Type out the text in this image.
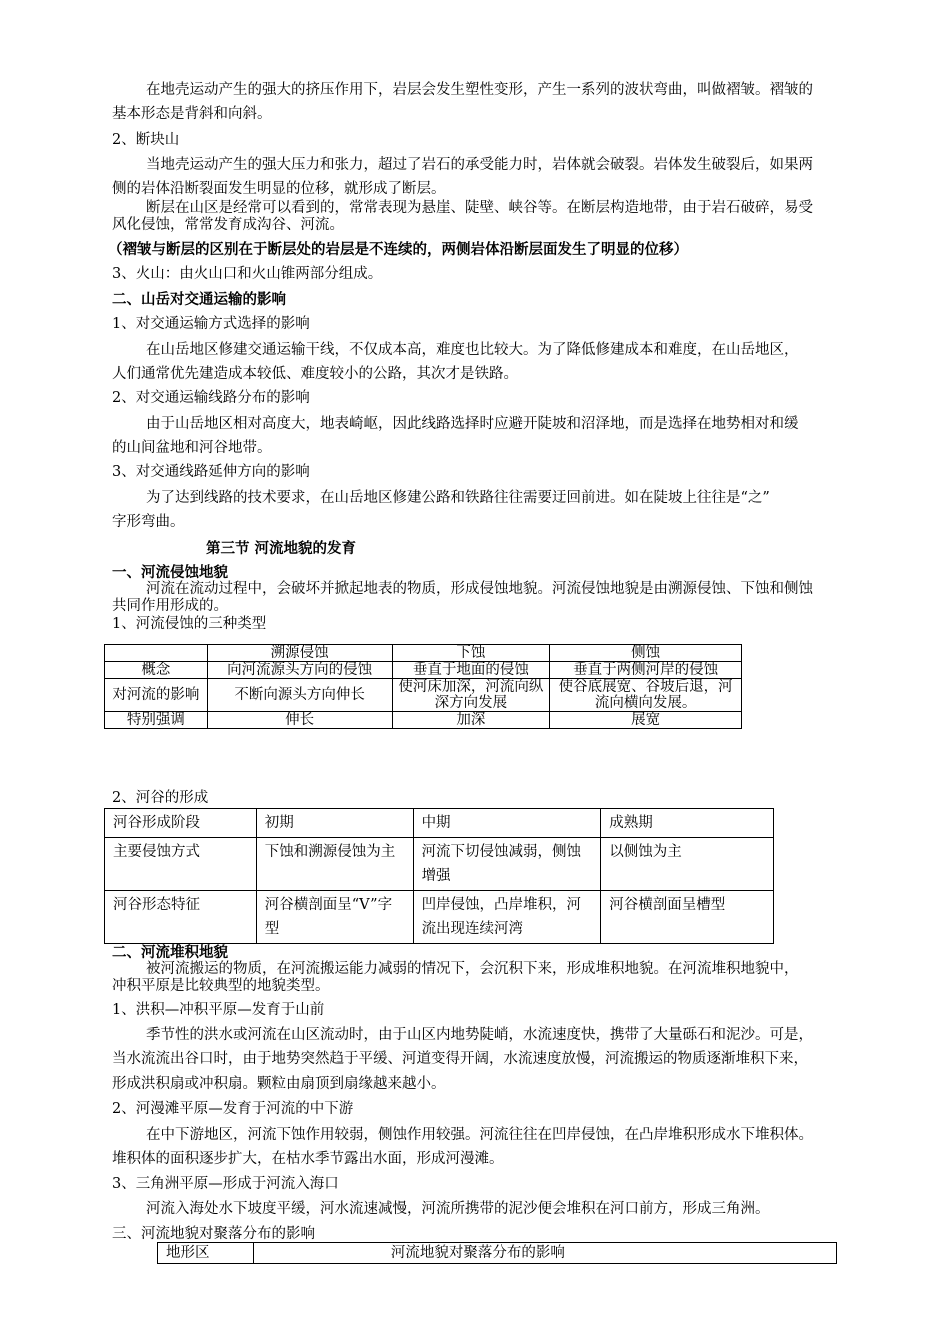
在地壳运动产生的强大的挤压作用下，岩层会发生塑性变形，产生一系列的波状弯曲，叫做褶皱。褶皱的
基本形态是背斜和向斜。
2、断块山
当地壳运动产生的强大压力和张力，超过了岩石的承受能力时，岩体就会破裂。岩体发生破裂后，如果两
侧的岩体沿断裂面发生明显的位移，就形成了断层。
断层在山区是经常可以看到的，常常表现为悬崖、陡壁、峡谷等。在断层构造地带，由于岩石破碎，易受
风化侵蚀，常常发育成沟谷、河流。
（褶皱与断层的区别在于断层处的岩层是不连续的，两侧岩体沿断层面发生了明显的位移）
3、火山：由火山口和火山锥两部分组成。
二、山岳对交通运输的影响
1、对交通运输方式选择的影响
在山岳地区修建交通运输干线，不仅成本高，难度也比较大。为了降低修建成本和难度，在山岳地区，
人们通常优先建造成本较低、难度较小的公路，其次才是铁路。
2、对交通运输线路分布的影响
由于山岳地区相对高度大，地表崎岖，因此线路选择时应避开陡坡和沼泽地，而是选择在地势相对和缓
的山间盆地和河谷地带。
3、对交通线路延伸方向的影响
为了达到线路的技术要求，在山岳地区修建公路和铁路往往需要迂回前进。如在陡坡上往往是“之”
字形弯曲。
第三节 河流地貌的发育
一、河流侵蚀地貌
河流在流动过程中，会破坏并掀起地表的物质，形成侵蚀地貌。河流侵蚀地貌是由溯源侵蚀、下蚀和侧蚀
共同作用形成的。
1、河流侵蚀的三种类型
	溯源侵蚀	下蚀	侧蚀
概念	向河流源头方向的侵蚀	垂直于地面的侵蚀	垂直于两侧河岸的侵蚀
对河流的影响	不断向源头方向伸长	使河床加深，河流向纵深方向发展	使谷底展宽、谷坡后退，河流向横向发展。
特别强调	伸长	加深	展宽
2、河谷的形成
河谷形成阶段	初期	中期	成熟期
主要侵蚀方式	下蚀和溯源侵蚀为主	河流下切侵蚀减弱，侧蚀增强	以侧蚀为主
河谷形态特征	河谷横剖面呈“V”字型	凹岸侵蚀，凸岸堆积，河流出现连续河湾	河谷横剖面呈槽型
二、河流堆积地貌
被河流搬运的物质，在河流搬运能力减弱的情况下，会沉积下来，形成堆积地貌。在河流堆积地貌中，
冲积平原是比较典型的地貌类型。
1、洪积—冲积平原—发育于山前
季节性的洪水或河流在山区流动时，由于山区内地势陡峭，水流速度快，携带了大量砾石和泥沙。可是，
当水流流出谷口时，由于地势突然趋于平缓、河道变得开阔，水流速度放慢，河流搬运的物质逐渐堆积下来，
形成洪积扇或冲积扇。颗粒由扇顶到扇缘越来越小。
2、河漫滩平原—发育于河流的中下游
在中下游地区，河流下蚀作用较弱，侧蚀作用较强。河流往往在凹岸侵蚀，在凸岸堆积形成水下堆积体。
堆积体的面积逐步扩大，在枯水季节露出水面，形成河漫滩。
3、三角洲平原—形成于河流入海口
河流入海处水下坡度平缓，河水流速减慢，河流所携带的泥沙便会堆积在河口前方，形成三角洲。
三、河流地貌对聚落分布的影响
地形区	河流地貌对聚落分布的影响
